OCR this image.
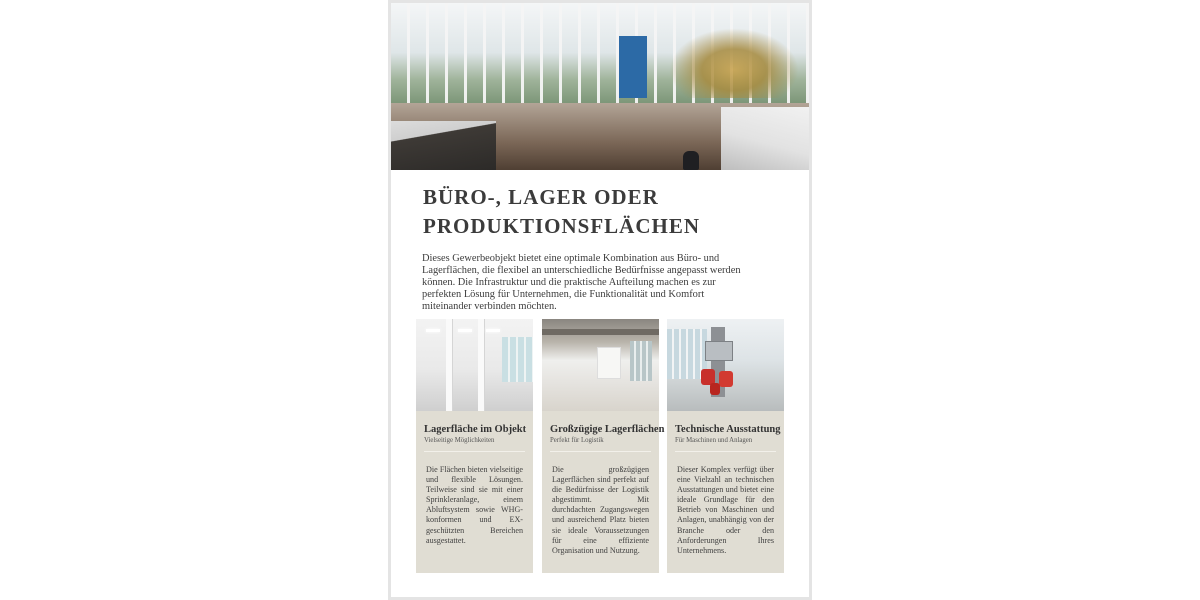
BÜRO-, LAGER ODER
PRODUKTIONSFLÄCHEN

Dieses Gewerbeobjekt bietet eine optimale Kombination aus Büro- und Lagerflächen, die flexibel an unterschiedliche Bedürfnisse angepasst werden können. Die Infrastruktur und die praktische Aufteilung machen es zur perfekten Lösung für Unternehmen, die Funktionalität und Komfort miteinander verbinden möchten.

Lagerfläche im Objekt

Vielseitige Möglichkeiten

Die Flächen bieten vielseitige und flexible Lösungen. Teilweise sind sie mit einer Sprinkleranlage, einem Abluftsystem sowie WHG-konformen und EX-geschützten Bereichen ausgestattet.

Großzügige Lagerflächen

Perfekt für Logistik

Die großzügigen Lagerflächen sind perfekt auf die Bedürfnisse der Logistik abgestimmt. Mit durchdachten Zugangswegen und ausreichend Platz bieten sie ideale Voraussetzungen für eine effiziente Organisation und Nutzung.

Technische Ausstattung

Für Maschinen und Anlagen

Dieser Komplex verfügt über eine Vielzahl an technischen Ausstattungen und bietet eine ideale Grundlage für den Betrieb von Maschinen und Anlagen, unabhängig von der Branche oder den Anforderungen Ihres Unternehmens.
